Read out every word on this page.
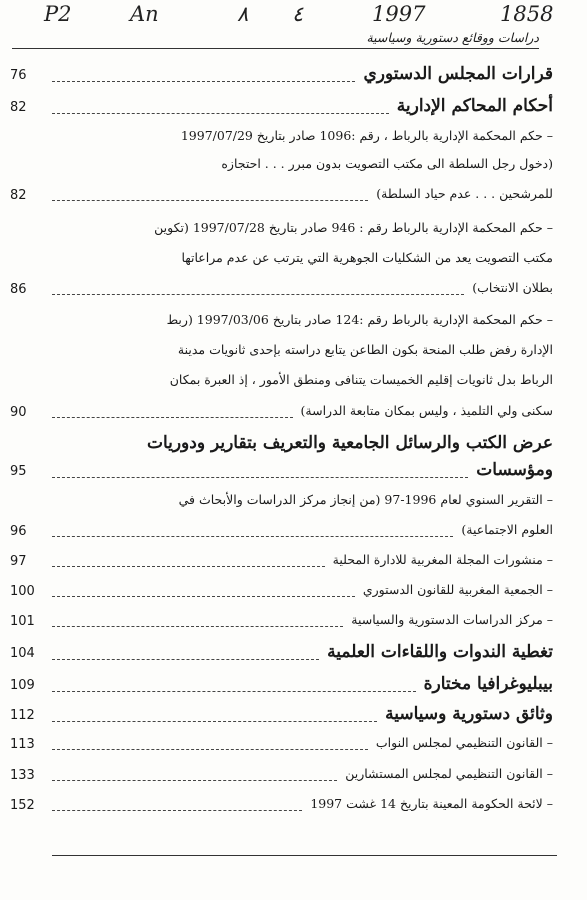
1858
1997
٤
٨
An
P2
دراسات ووقائع دستورية وسياسية
قرارات المجلس الدستوري
76
أحكام المحاكم الإدارية
82
– حكم المحكمة الإدارية بالرباط ، رقم :1096 صادر بتاريخ 1997/07/29
(دخول رجل السلطة الى مكتب التصويت بدون مبرر . . . احتجازه
للمرشحين . . . عدم حياد السلطة)
82
– حكم المحكمة الإدارية بالرباط رقم : 946 صادر بتاريخ 1997/07/28 (تكوين
مكتب التصويت يعد من الشكليات الجوهرية التي يترتب عن عدم مراعاتها
بطلان الانتخاب)
86
– حكم المحكمة الإدارية بالرباط رقم :124 صادر بتاريخ 1997/03/06 (ربط
الإدارة رفض طلب المنحة بكون الطاعن يتابع دراسته بإحدى ثانويات مدينة
الرباط بدل ثانويات إقليم الخميسات يتنافى ومنطق الأمور ، إذ العبرة بمكان
سكنى ولي التلميذ ، وليس بمكان متابعة الدراسة)
90
عرض الكتب والرسائل الجامعية والتعريف بتقارير ودوريات
ومؤسسات
95
– التقرير السنوي لعام 1996-97 (من إنجاز مركز الدراسات والأبحاث في
العلوم الاجتماعية)
96
– منشورات المجلة المغربية للادارة المحلية
97
– الجمعية المغربية للقانون الدستوري
100
– مركز الدراسات الدستورية والسياسية
101
تغطية الندوات واللقاءات العلمية
104
بيبليوغرافيا مختارة
109
وثائق دستورية وسياسية
112
– القانون التنظيمي لمجلس النواب
113
– القانون التنظيمي لمجلس المستشارين
133
– لائحة الحكومة المعينة بتاريخ 14 غشت 1997
152
